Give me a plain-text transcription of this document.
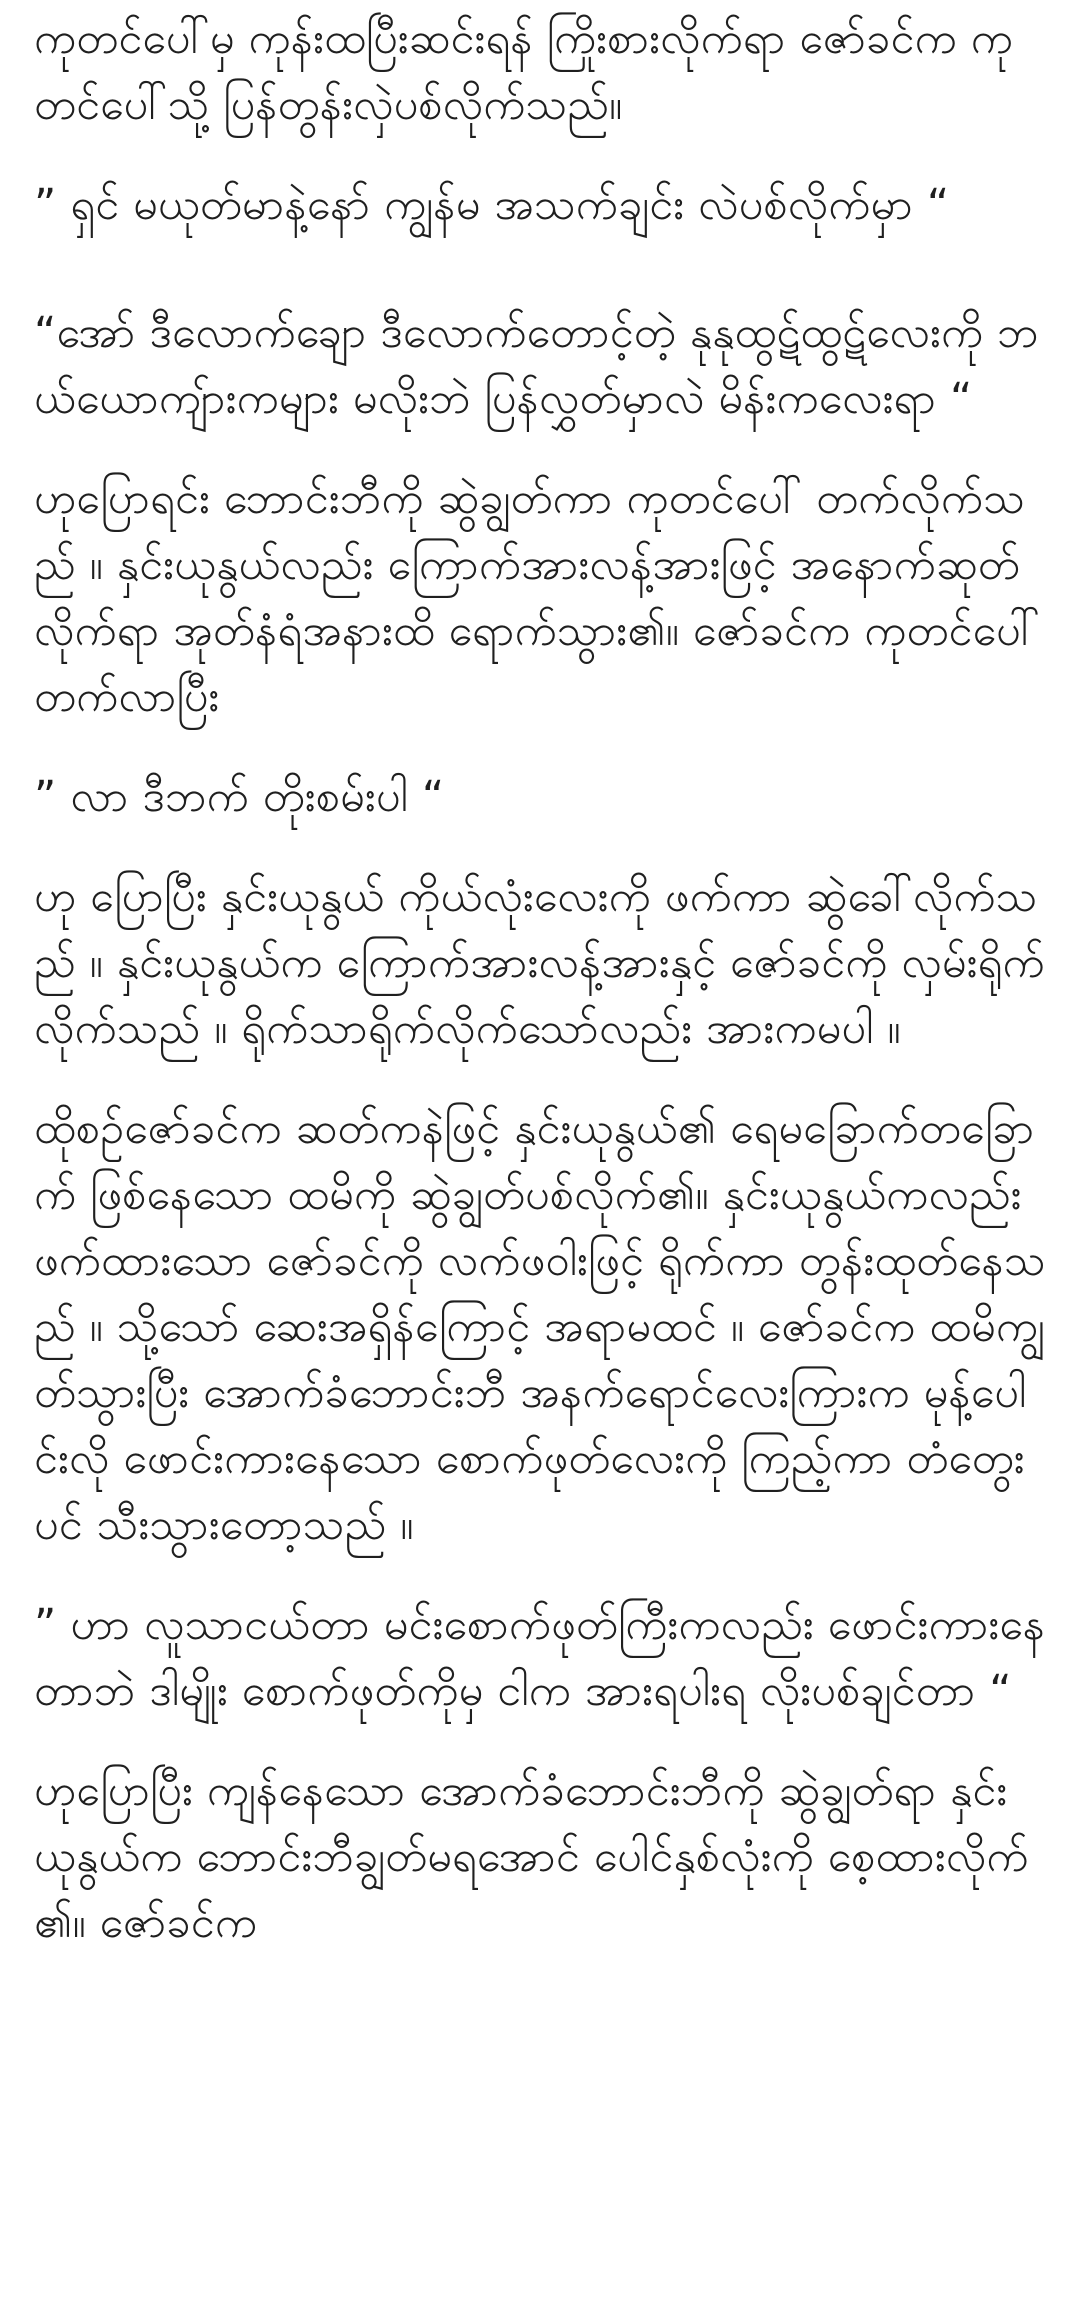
ကုတင်ပေါ်မှ ကုန်းထပြီးဆင်းရန် ကြိုးစားလိုက်ရာ ဇော်ခင်က ကုတင်ပေါ်သို့ ပြန်တွန်းလှဲပစ်လိုက်သည်။

” ရှင် မယုတ်မာနဲ့နော် ကျွန်မ အသက်ချင်း လဲပစ်လိုက်မှာ “

“အော် ဒီလောက်ချော ဒီလောက်တောင့်တဲ့ နုနုထွဋ်ထွဋ်လေးကို ဘယ်ယောကျ်ားကများ မလိုးဘဲ ပြန်လွှတ်မှာလဲ မိန်းကလေးရာ “

ဟုပြောရင်း ဘောင်းဘီကို ဆွဲချွတ်ကာ ကုတင်ပေါ် တက်လိုက်သည် ။ နှင်းယုနွယ်လည်း ကြောက်အားလန့်အားဖြင့် အနောက်ဆုတ်လိုက်ရာ အုတ်နံရံအနားထိ ရောက်သွား၏။ ဇော်ခင်က ကုတင်ပေါ် တက်လာပြီး

” လာ ဒီဘက် တိုးစမ်းပါ “

ဟု ပြောပြီး နှင်းယုနွယ် ကိုယ်လုံးလေးကို ဖက်ကာ ဆွဲခေါ်လိုက်သည် ။ နှင်းယုနွယ်က ကြောက်အားလန့်အားနှင့် ဇော်ခင်ကို လှမ်းရိုက်လိုက်သည် ။ ရိုက်သာရိုက်လိုက်သော်လည်း အားကမပါ ။

ထိုစဉ်ဇော်ခင်က ဆတ်ကနဲဖြင့် နှင်းယုနွယ်၏ ရေမခြောက်တခြောက် ဖြစ်နေသော ထမိကို ဆွဲချွတ်ပစ်လိုက်၏။ နှင်းယုနွယ်ကလည်း ဖက်ထားသော ဇော်ခင်ကို လက်ဖဝါးဖြင့် ရိုက်ကာ တွန်းထုတ်နေသည် ။ သို့သော် ဆေးအရှိန်ကြောင့် အရာမထင် ။ ဇော်ခင်က ထမိကျွတ်သွားပြီး အောက်ခံဘောင်းဘီ အနက်ရောင်လေးကြားက မုန့်ပေါင်းလို ဖောင်းကားနေသော စောက်ဖုတ်လေးကို ကြည့်ကာ တံတွေးပင် သီးသွားတော့သည် ။

” ဟာ လူသာငယ်တာ မင်းစောက်ဖုတ်ကြီးကလည်း ဖောင်းကားနေတာဘဲ ဒါမျိုး စောက်ဖုတ်ကိုမှ ငါက အားရပါးရ လိုးပစ်ချင်တာ “

ဟုပြောပြီး ကျန်နေသော အောက်ခံဘောင်းဘီကို ဆွဲချွတ်ရာ နှင်းယုနွယ်က ဘောင်းဘီချွတ်မရအောင် ပေါင်နှစ်လုံးကို စေ့ထားလိုက်၏။ ဇော်ခင်က
